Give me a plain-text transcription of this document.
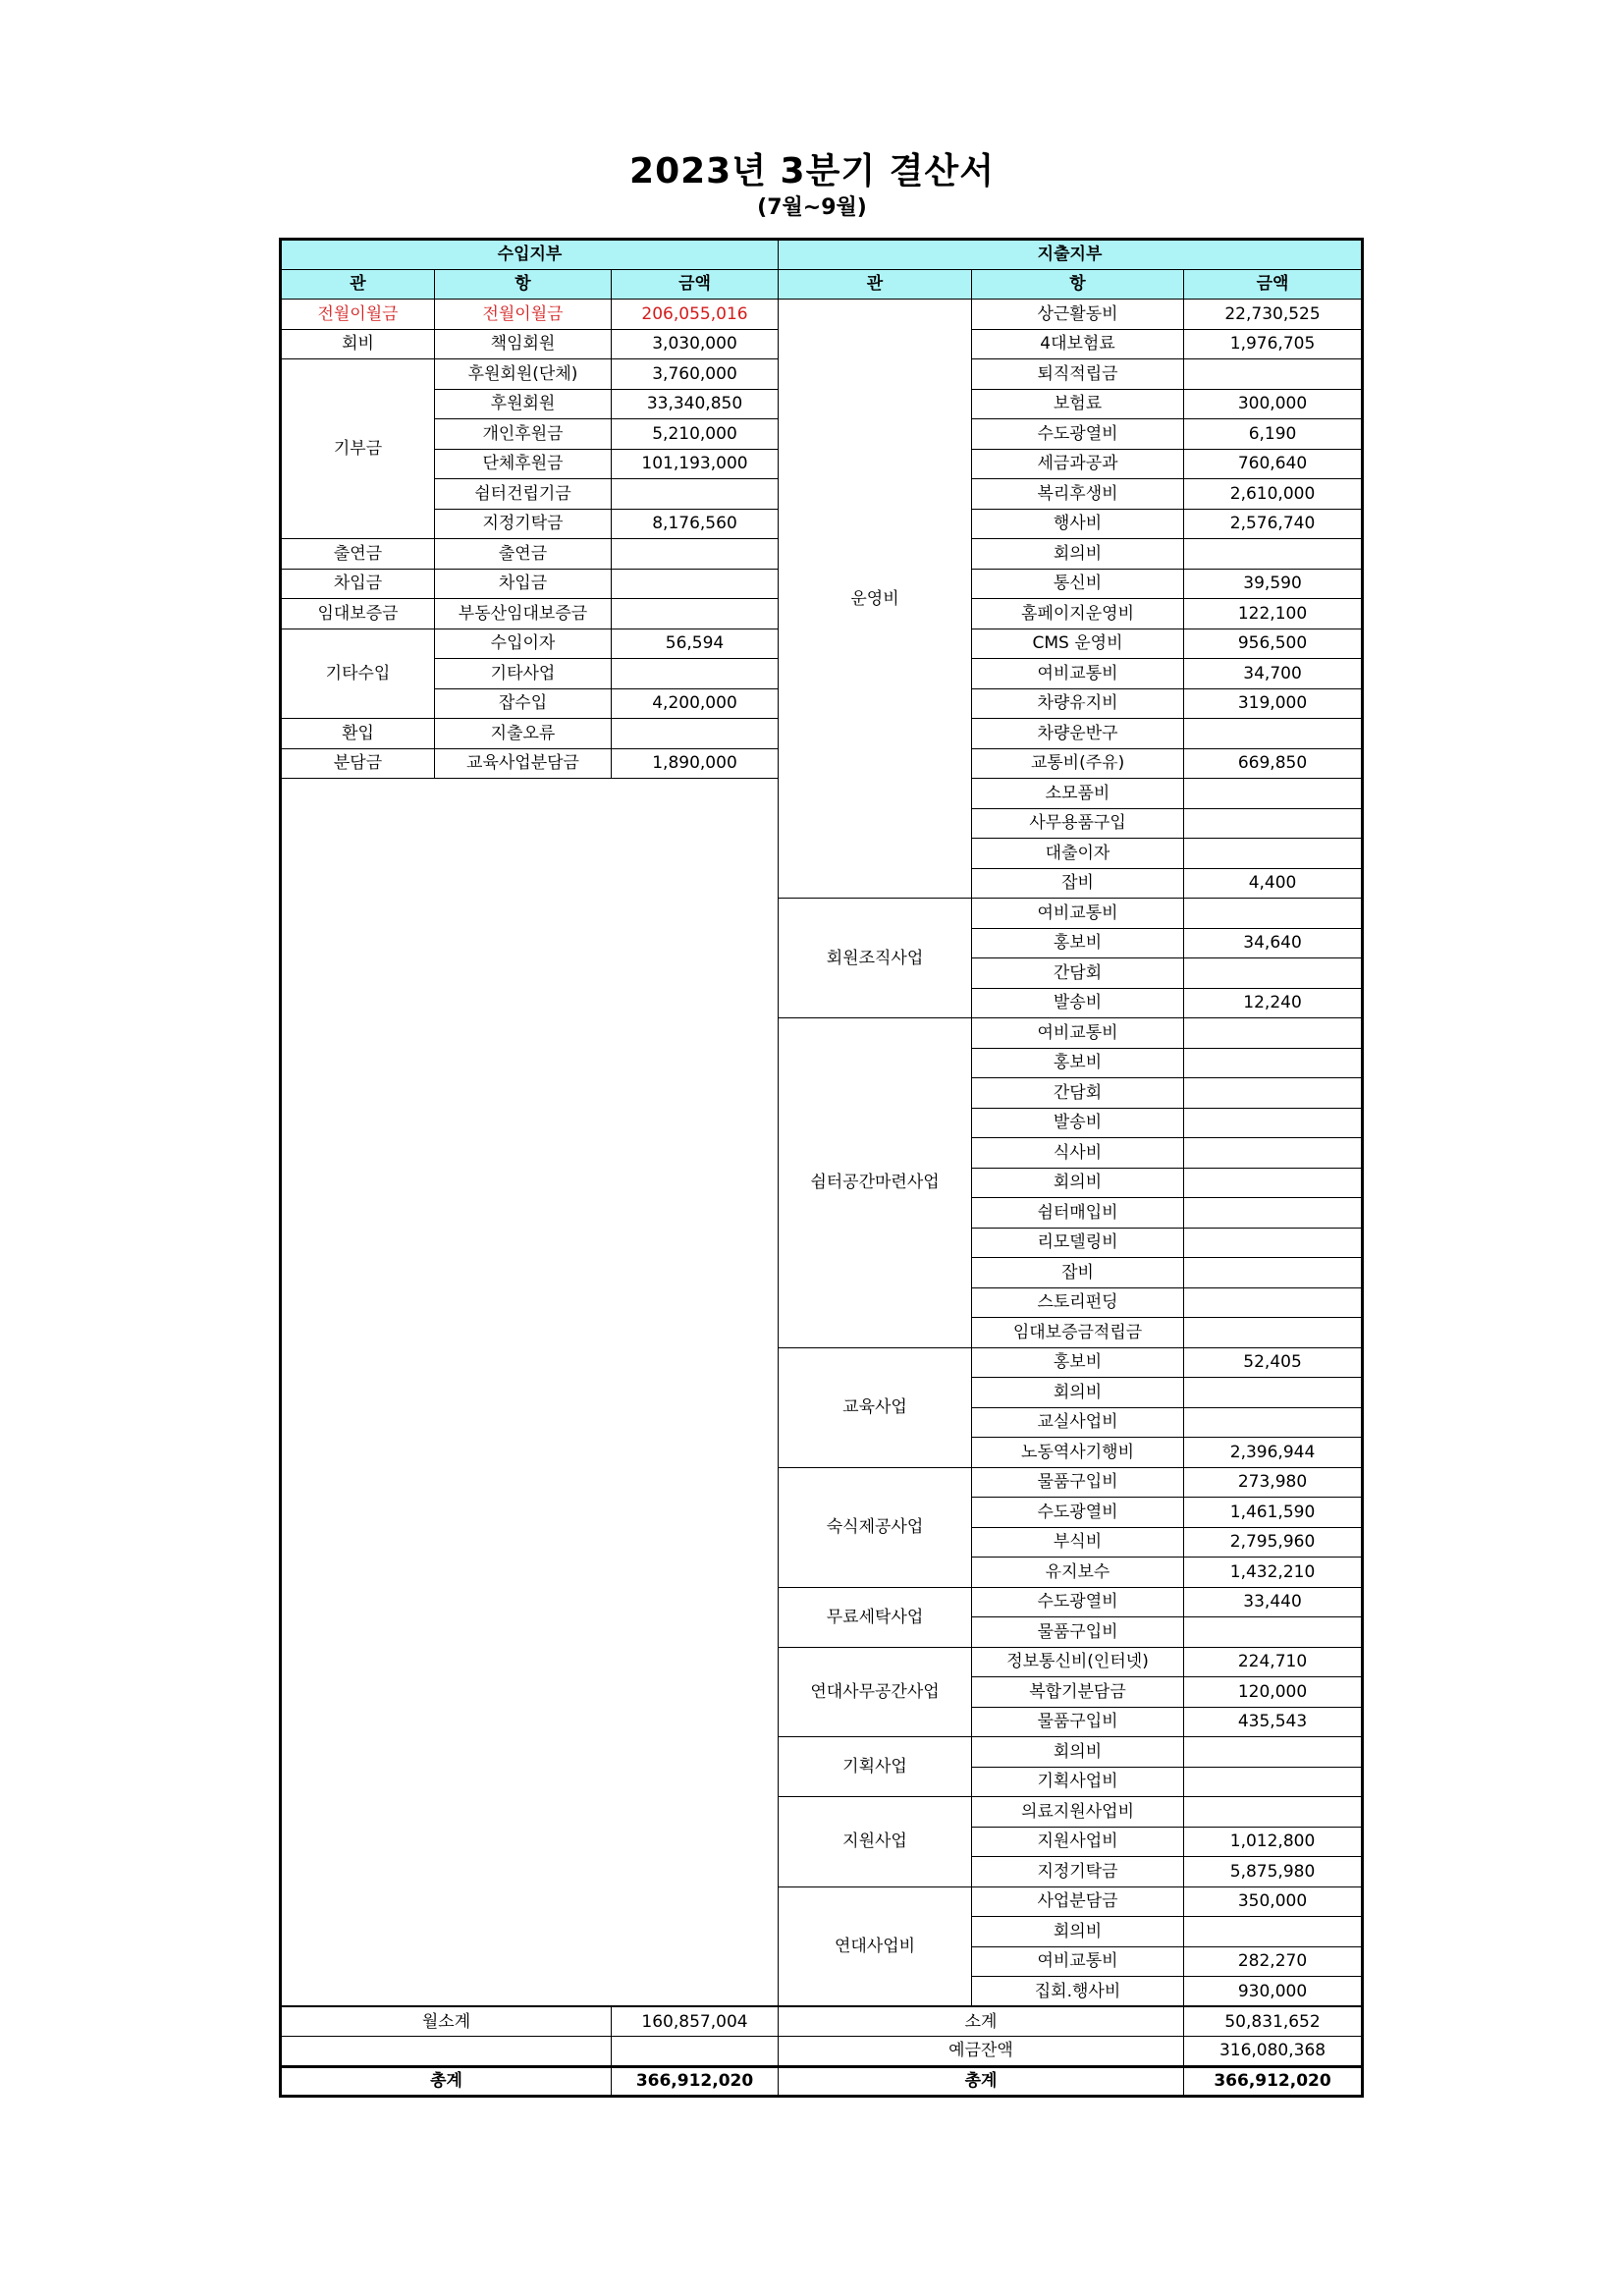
2023년 3분기 결산서
(7월~9월)
수입지부			지출지부		
관	항	금액	관	항	금액
전월이월금	전월이월금	206,055,016	운영비	상근활동비	22,730,525
회비	책임회원	3,030,000		4대보험료	1,976,705
기부금	후원회원(단체)	3,760,000		퇴직적립금	
	후원회원	33,340,850		보험료	300,000
	개인후원금	5,210,000		수도광열비	6,190
	단체후원금	101,193,000		세금과공과	760,640
	쉼터건립기금			복리후생비	2,610,000
	지정기탁금	8,176,560		행사비	2,576,740
출연금	출연금			회의비	
차입금	차입금			통신비	39,590
임대보증금	부동산임대보증금			홈페이지운영비	122,100
기타수입	수입이자	56,594		CMS 운영비	956,500
	기타사업			여비교통비	34,700
	잡수입	4,200,000		차량유지비	319,000
환입	지출오류			차량운반구	
분담금	교육사업분담금	1,890,000		교통비(주유)	669,850
				소모품비	
				사무용품구입	
				대출이자	
				잡비	4,400
			회원조직사업	여비교통비	
				홍보비	34,640
				간담회	
				발송비	12,240
			쉼터공간마련사업	여비교통비	
				홍보비	
				간담회	
				발송비	
				식사비	
				회의비	
				쉼터매입비	
				리모델링비	
				잡비	
				스토리펀딩	
				임대보증금적립금	
			교육사업	홍보비	52,405
				회의비	
				교실사업비	
				노동역사기행비	2,396,944
			숙식제공사업	물품구입비	273,980
				수도광열비	1,461,590
				부식비	2,795,960
				유지보수	1,432,210
			무료세탁사업	수도광열비	33,440
				물품구입비	
			연대사무공간사업	정보통신비(인터넷)	224,710
				복합기분담금	120,000
				물품구입비	435,543
			기획사업	회의비	
				기획사업비	
			지원사업	의료지원사업비	
				지원사업비	1,012,800
				지정기탁금	5,875,980
			연대사업비	사업분담금	350,000
				회의비	
				여비교통비	282,270
				집회.행사비	930,000
월소계		160,857,004	소계		50,831,652
			예금잔액		316,080,368
총계		366,912,020	총계		366,912,020
